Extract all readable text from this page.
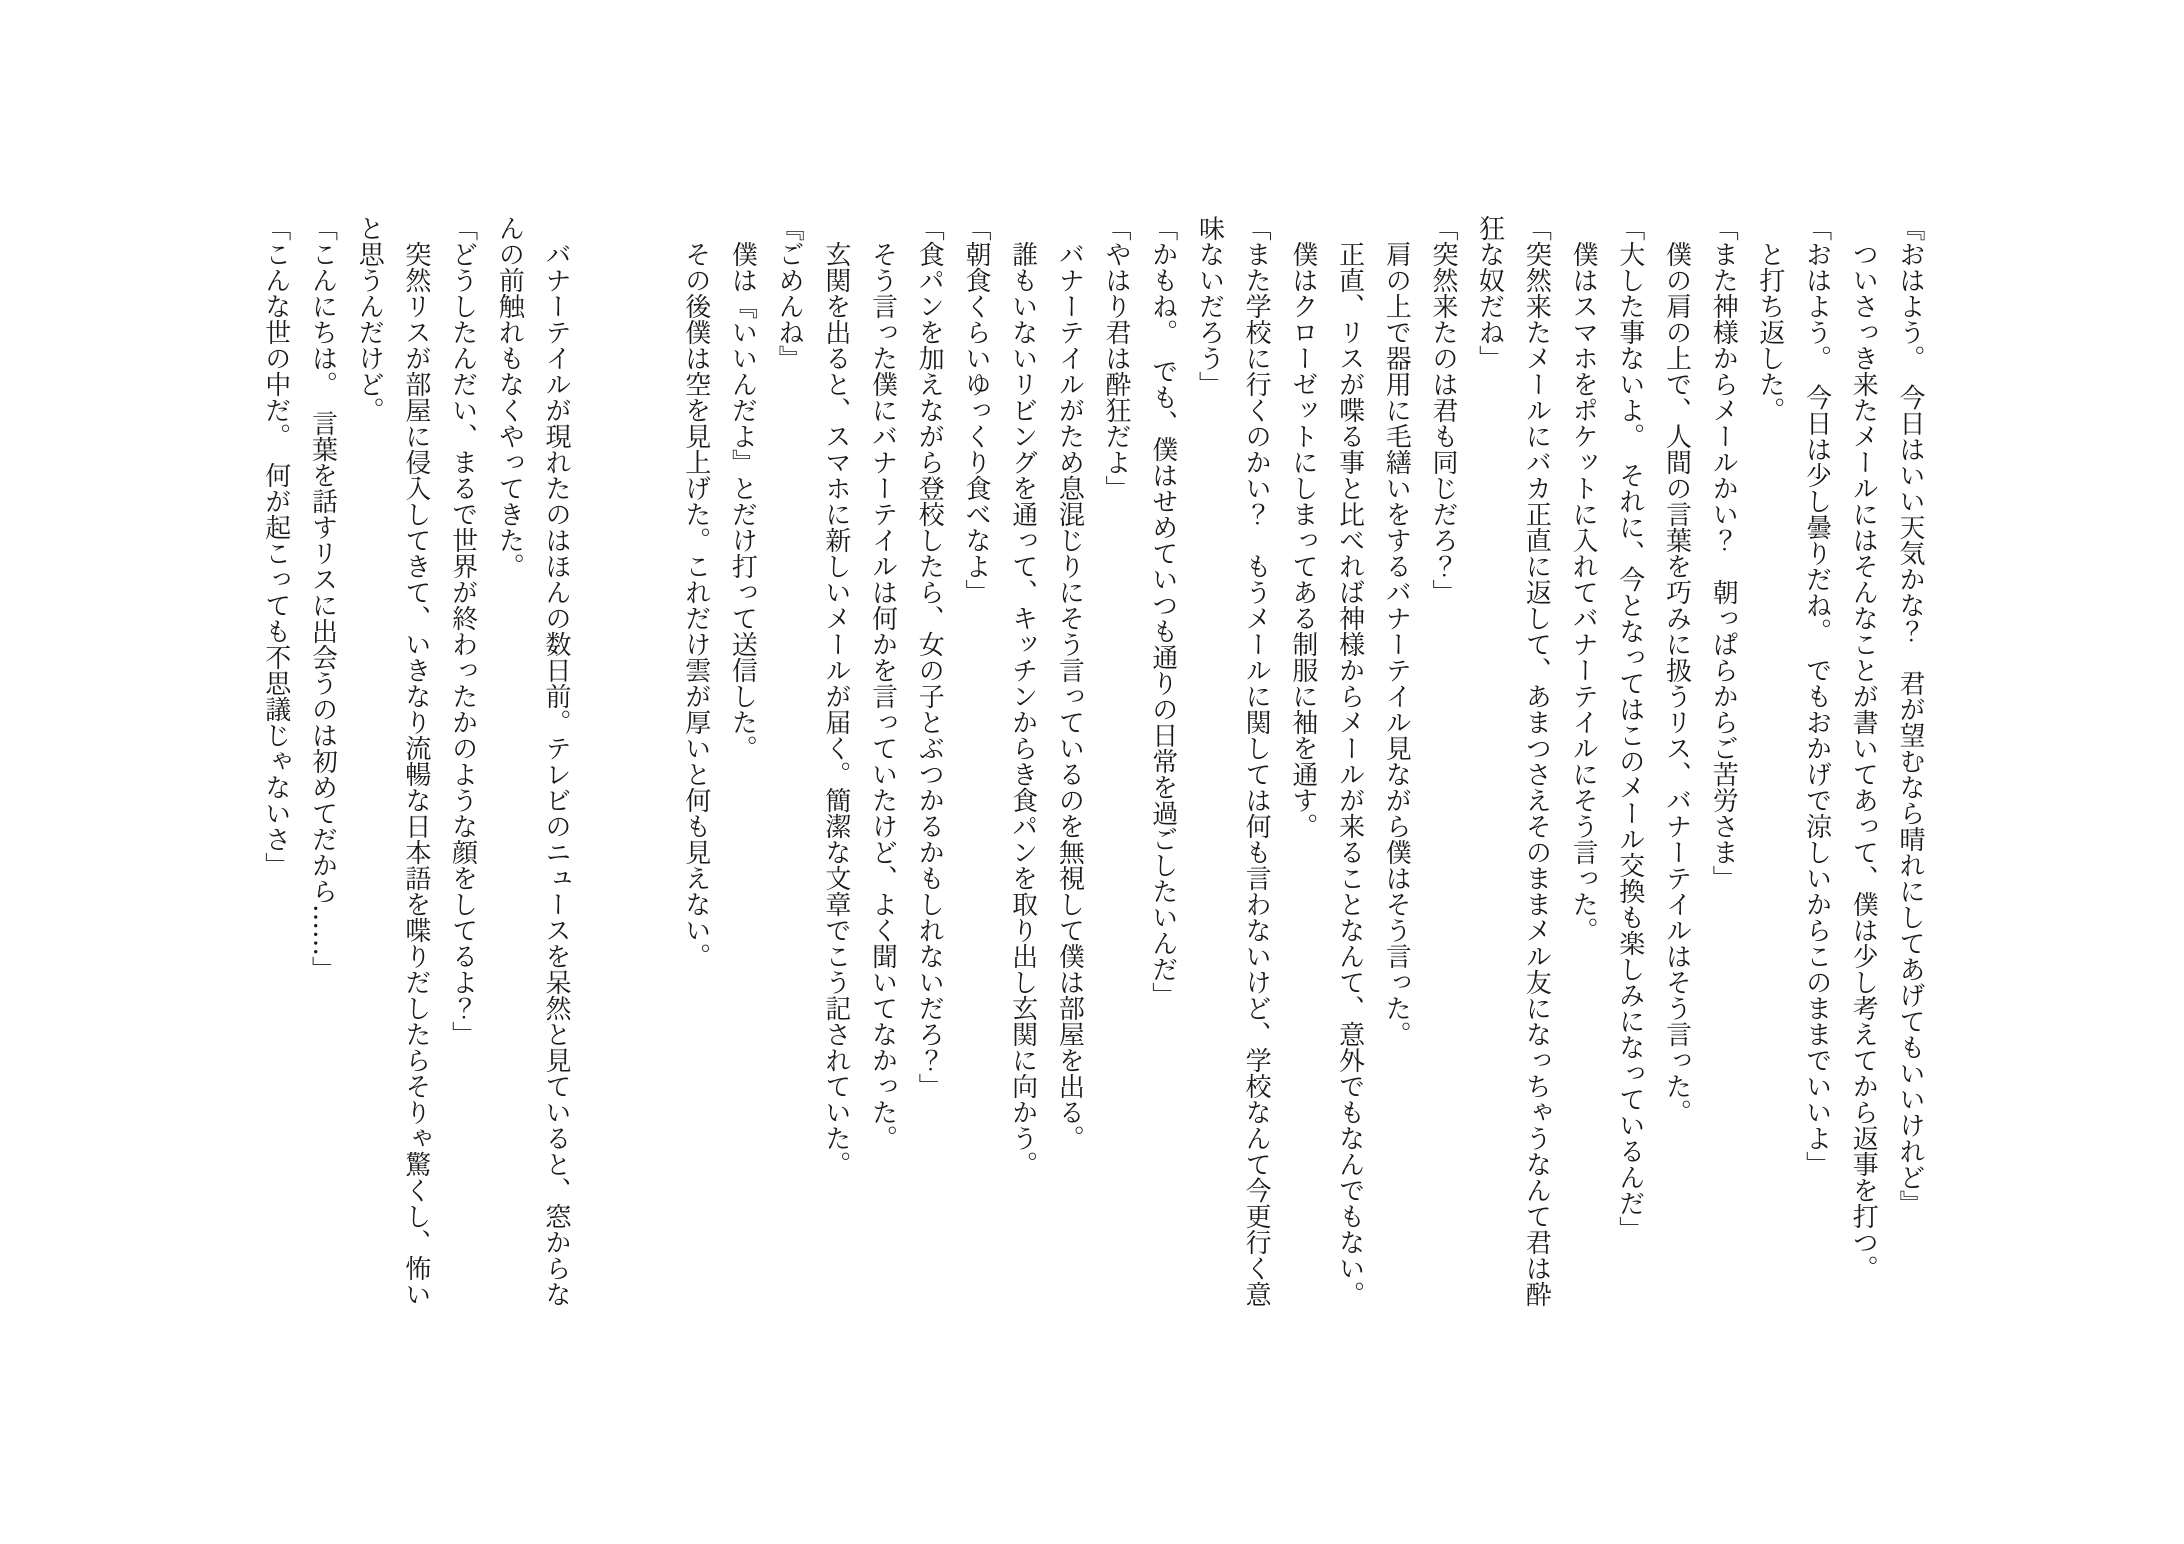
『おはよう。　今日はいい天気かな？　君が望むなら晴れにしてあげてもいいけれど』

ついさっき来たメールにはそんなことが書いてあって、僕は少し考えてから返事を打つ。

「おはよう。　今日は少し曇りだね。　でもおかげで涼しいからこのままでいいよ」

と打ち返した。

「また神様からメールかい？　朝っぱらからご苦労さま」

僕の肩の上で、人間の言葉を巧みに扱うリス、バナーテイルはそう言った。

「大した事ないよ。　それに、今となってはこのメール交換も楽しみになっているんだ」

僕はスマホをポケットに入れてバナーテイルにそう言った。

「突然来たメールにバカ正直に返して、あまつさえそのままメル友になっちゃうなんて君は酔狂な奴だね」

「突然来たのは君も同じだろ？」

肩の上で器用に毛繕いをするバナーテイル見ながら僕はそう言った。

正直、リスが喋る事と比べれば神様からメールが来ることなんて、意外でもなんでもない。

僕はクローゼットにしまってある制服に袖を通す。

「また学校に行くのかい？　もうメールに関しては何も言わないけど、学校なんて今更行く意味ないだろう」

「かもね。　でも、僕はせめていつも通りの日常を過ごしたいんだ」

「やはり君は酔狂だよ」

バナーテイルがため息混じりにそう言っているのを無視して僕は部屋を出る。

誰もいないリビングを通って、キッチンからき食パンを取り出し玄関に向かう。

「朝食くらいゆっくり食べなよ」

「食パンを加えながら登校したら、女の子とぶつかるかもしれないだろ？」

そう言った僕にバナーテイルは何かを言っていたけど、よく聞いてなかった。

玄関を出ると、スマホに新しいメールが届く。簡潔な文章でこう記されていた。

『ごめんね』

僕は『いいんだよ』とだけ打って送信した。

その後僕は空を見上げた。これだけ雲が厚いと何も見えない。

バナーテイルが現れたのはほんの数日前。テレビのニュースを呆然と見ていると、窓からなんの前触れもなくやってきた。

「どうしたんだい、まるで世界が終わったかのような顔をしてるよ？」

突然リスが部屋に侵入してきて、いきなり流暢な日本語を喋りだしたらそりゃ驚くし、怖いと思うんだけど。

「こんにちは。　言葉を話すリスに出会うのは初めてだから……」

「こんな世の中だ。　何が起こっても不思議じゃないさ」
